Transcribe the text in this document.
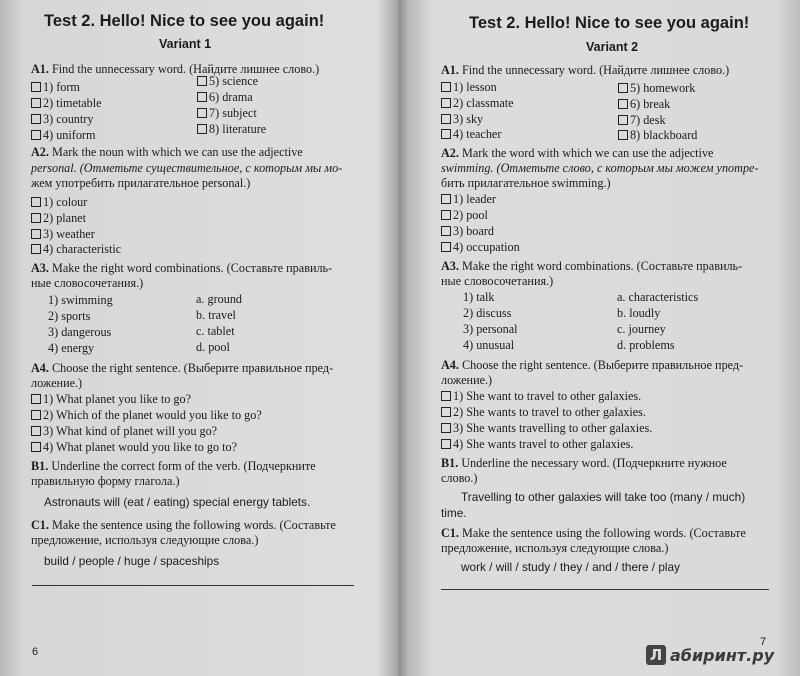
Test 2. Hello! Nice to see you again!
Variant 1
A1. Find the unnecessary word. (Найдите лишнее слово.)
1) form
2) timetable
3) country
4) uniform
5) science
6) drama
7) subject
8) literature
A2. Mark the noun with which we can use the adjective
personal. (Отметьте существительное, с которым мы мо-
жем употребить прилагательное personal.)
1) colour
2) planet
3) weather
4) characteristic
A3. Make the right word combinations. (Составьте правиль-
ные словосочетания.)
1) swimming
2) sports
3) dangerous
4) energy
a. ground
b. travel
c. tablet
d. pool
A4. Choose the right sentence. (Выберите правильное пред-
ложение.)
1) What planet you like to go?
2) Which of the planet would you like to go?
3) What kind of planet will you go?
4) What planet would you like to go to?
B1. Underline the correct form of the verb. (Подчеркните
правильную форму глагола.)
Astronauts will (eat / eating) special energy tablets.
C1. Make the sentence using the following words. (Составьте
предложение, используя следующие слова.)
build / people / huge / spaceships
6
Test 2. Hello! Nice to see you again!
Variant 2
A1. Find the unnecessary word. (Найдите лишнее слово.)
1) lesson
2) classmate
3) sky
4) teacher
5) homework
6) break
7) desk
8) blackboard
A2. Mark the word with which we can use the adjective
swimming. (Отметьте слово, с которым мы можем употре-
бить прилагательное swimming.)
1) leader
2) pool
3) board
4) occupation
A3. Make the right word combinations. (Составьте правиль-
ные словосочетания.)
1) talk
2) discuss
3) personal
4) unusual
a. characteristics
b. loudly
c. journey
d. problems
A4. Choose the right sentence. (Выберите правильное пред-
ложение.)
1) She want to travel to other galaxies.
2) She wants to travel to other galaxies.
3) She wants travelling to other galaxies.
4) She wants travel to other galaxies.
B1. Underline the necessary word. (Подчеркните нужное
слово.)
Travelling to other galaxies will take too (many / much)
time.
C1. Make the sentence using the following words. (Составьте
предложение, используя следующие слова.)
work / will / study / they / and / there / play
7
Л абиринт.ру
